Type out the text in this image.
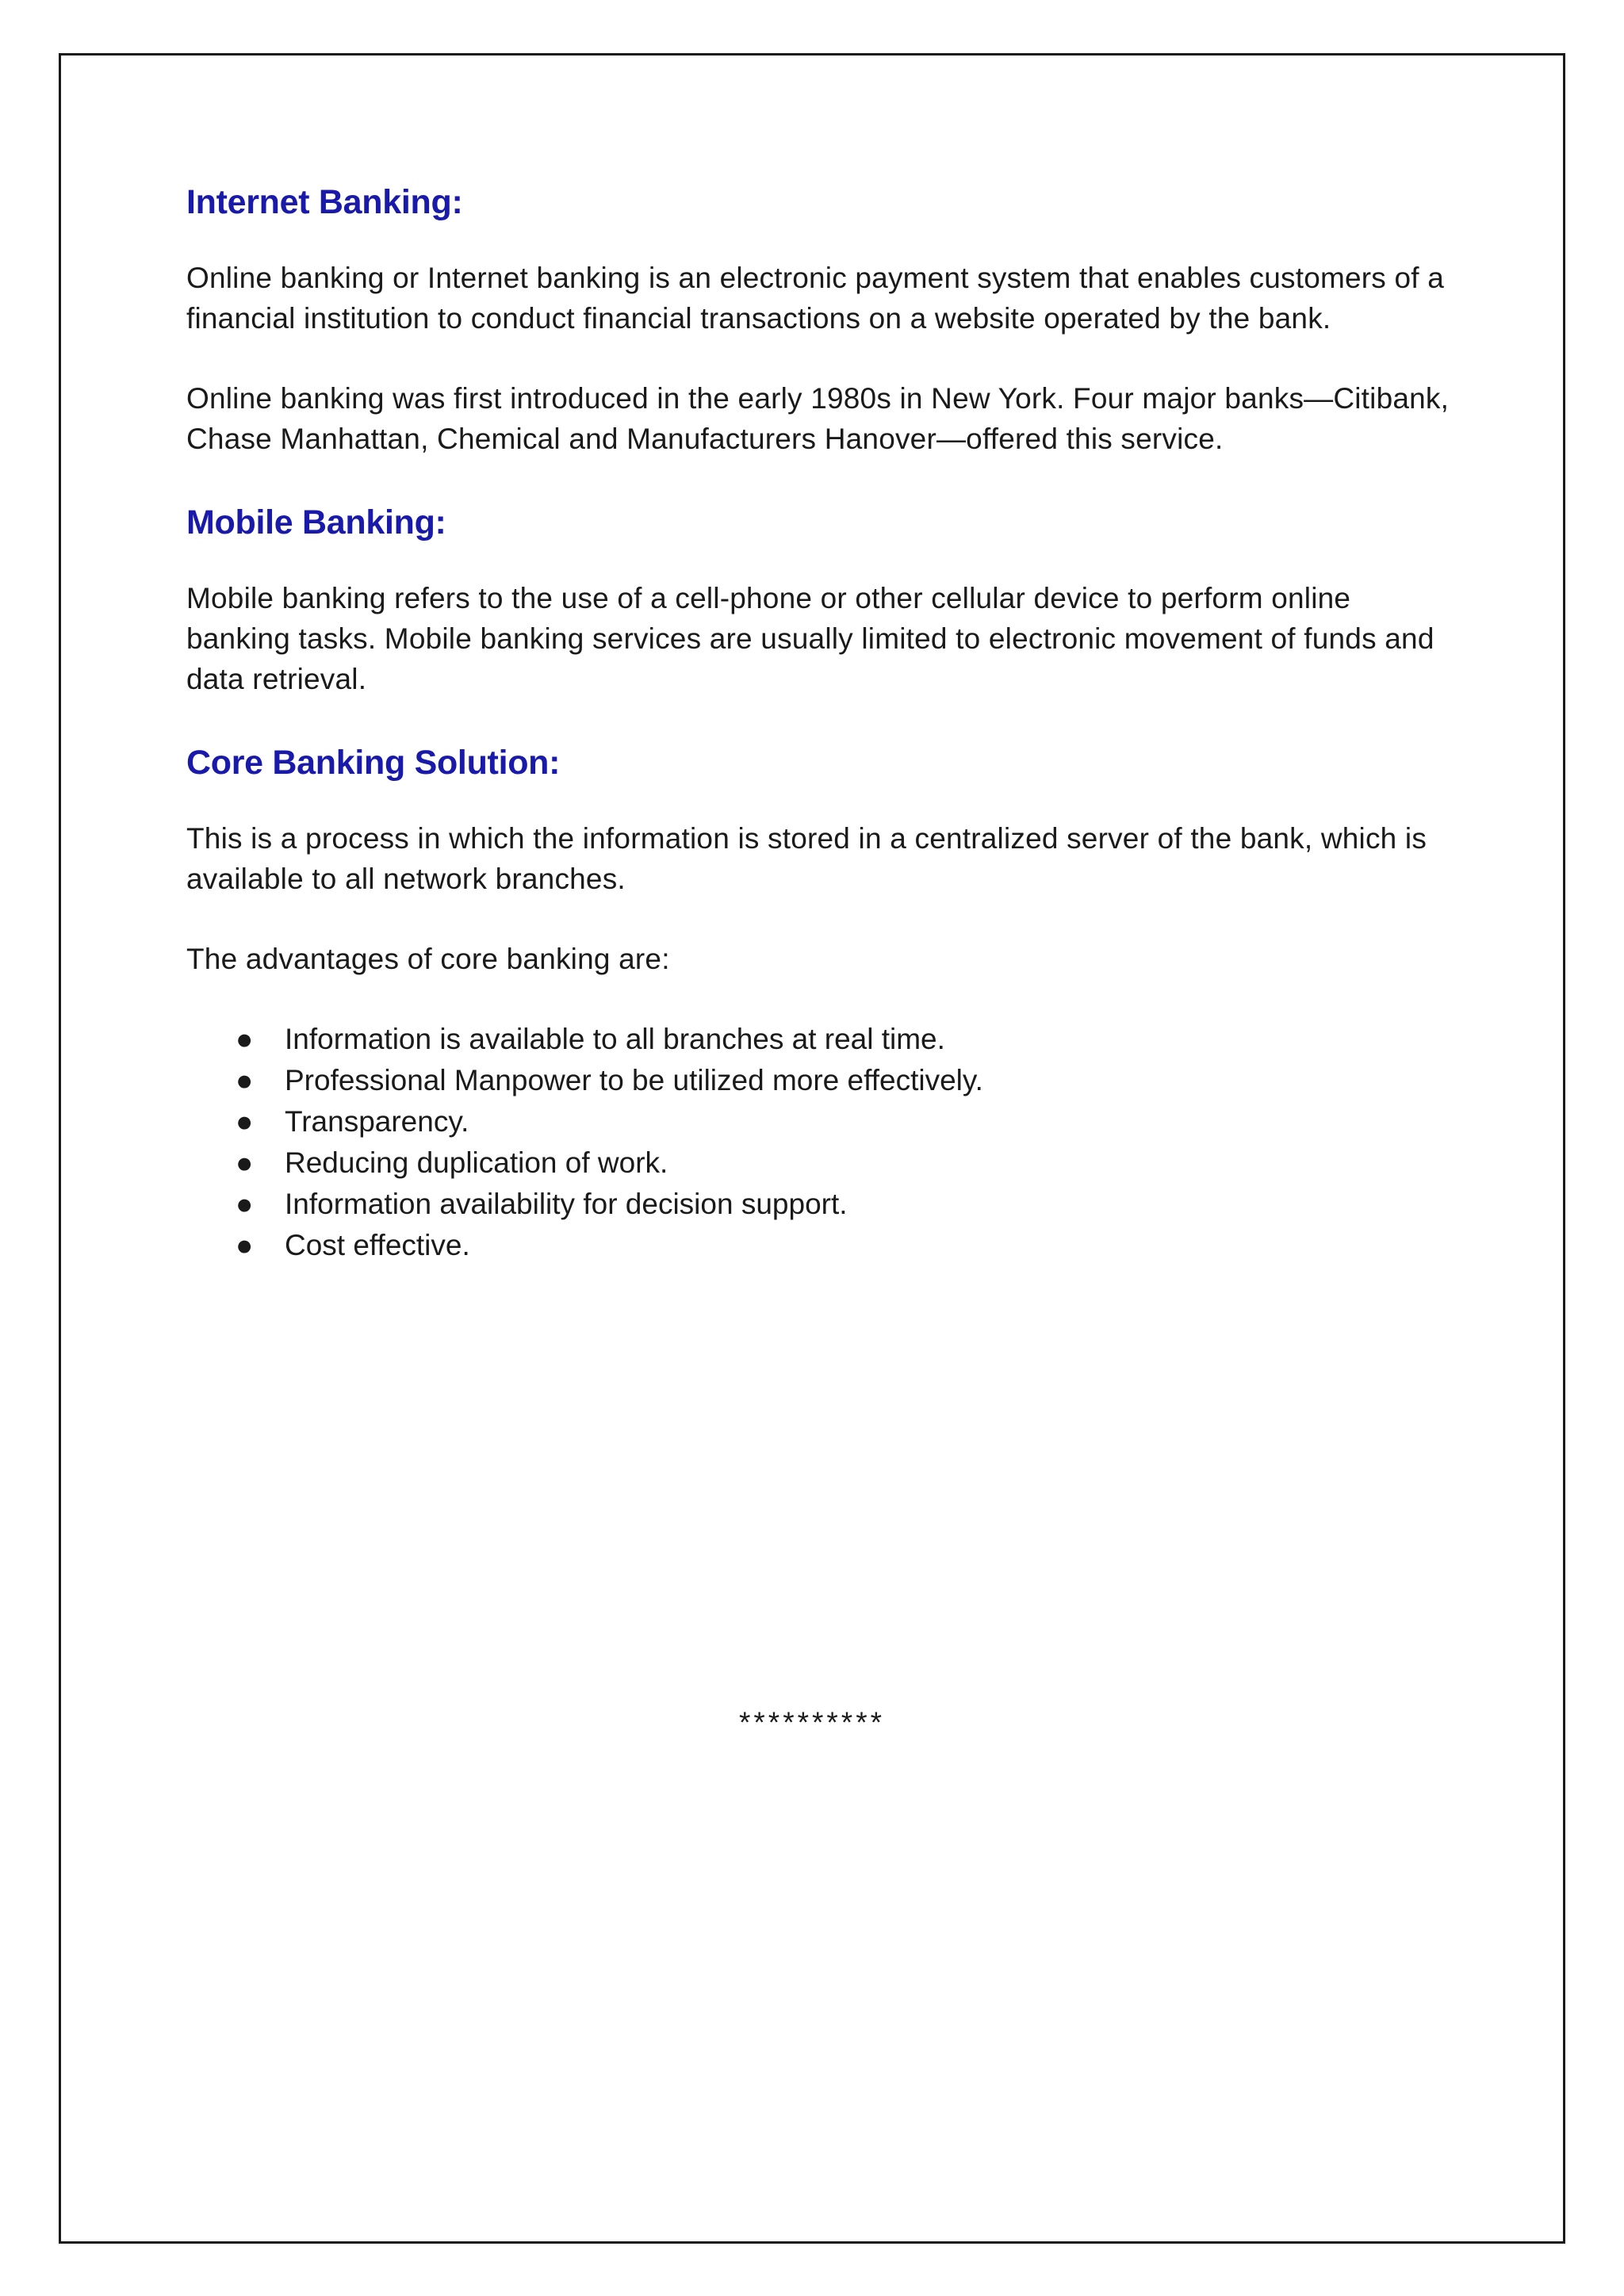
Internet Banking:

Online banking or Internet banking is an electronic payment system that enables customers of a financial institution to conduct financial transactions on a website operated by the bank.

Online banking was first introduced in the early 1980s in New York. Four major banks—Citibank, Chase Manhattan, Chemical and Manufacturers Hanover—offered this service.

Mobile Banking:

Mobile banking refers to the use of a cell-phone or other cellular device to perform online banking tasks. Mobile banking services are usually limited to electronic movement of funds and data retrieval.

Core Banking Solution:

This is a process in which the information is stored in a centralized server of the bank, which is available to all network branches.

The advantages of core banking are:

● Information is available to all branches at real time.
● Professional Manpower to be utilized more effectively.
● Transparency.
● Reducing duplication of work.
● Information availability for decision support.
● Cost effective.
**********
